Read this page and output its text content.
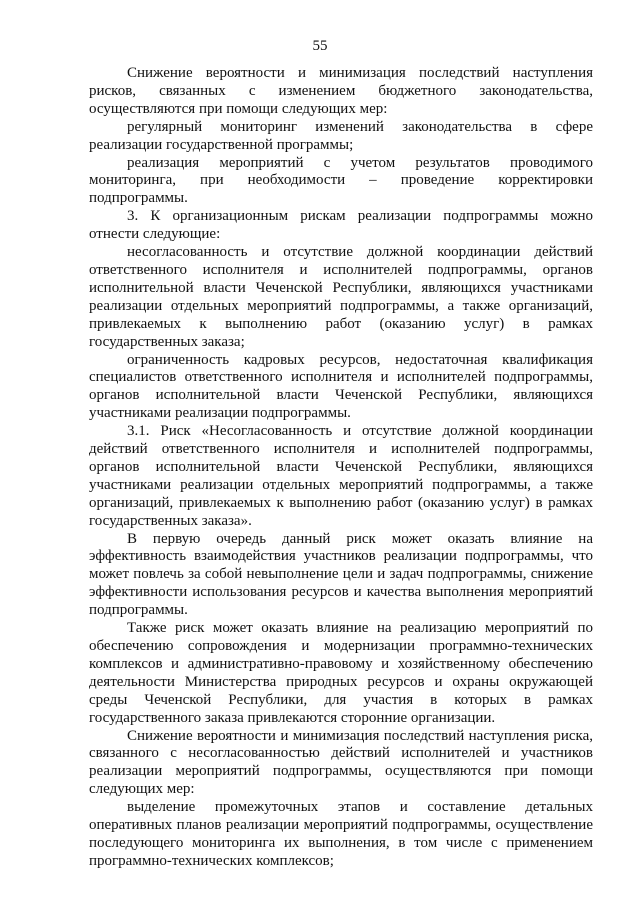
55

Снижение вероятности и минимизация последствий наступления рисков, связанных с изменением бюджетного законодательства, осуществляются при помощи следующих мер:

регулярный мониторинг изменений законодательства в сфере реализации государственной программы;

реализация мероприятий с учетом результатов проводимого мониторинга, при необходимости – проведение корректировки подпрограммы.

3. К организационным рискам реализации подпрограммы можно отнести следующие:

несогласованность и отсутствие должной координации действий ответственного исполнителя и исполнителей подпрограммы, органов исполнительной власти Чеченской Республики, являющихся участниками реализации отдельных мероприятий подпрограммы, а также организаций, привлекаемых к выполнению работ (оказанию услуг) в рамках государственных заказа;

ограниченность кадровых ресурсов, недостаточная квалификация специалистов ответственного исполнителя и исполнителей подпрограммы, органов исполнительной власти Чеченской Республики, являющихся участниками реализации подпрограммы.

3.1. Риск «Несогласованность и отсутствие должной координации действий ответственного исполнителя и исполнителей подпрограммы, органов исполнительной власти Чеченской Республики, являющихся участниками реализации отдельных мероприятий подпрограммы, а также организаций, привлекаемых к выполнению работ (оказанию услуг) в рамках государственных заказа».

В первую очередь данный риск может оказать влияние на эффективность взаимодействия участников реализации подпрограммы, что может повлечь за собой невыполнение цели и задач подпрограммы, снижение эффективности использования ресурсов и качества выполнения мероприятий подпрограммы.

Также риск может оказать влияние на реализацию мероприятий по обеспечению сопровождения и модернизации программно-технических комплексов и административно-правовому и хозяйственному обеспечению деятельности Министерства природных ресурсов и охраны окружающей среды Чеченской Республики, для участия в которых в рамках государственного заказа привлекаются сторонние организации.

Снижение вероятности и минимизация последствий наступления риска, связанного с несогласованностью действий исполнителей и участников реализации мероприятий подпрограммы, осуществляются при помощи следующих мер:

выделение промежуточных этапов и составление детальных оперативных планов реализации мероприятий подпрограммы, осуществление последующего мониторинга их выполнения, в том числе с применением программно-технических комплексов;
